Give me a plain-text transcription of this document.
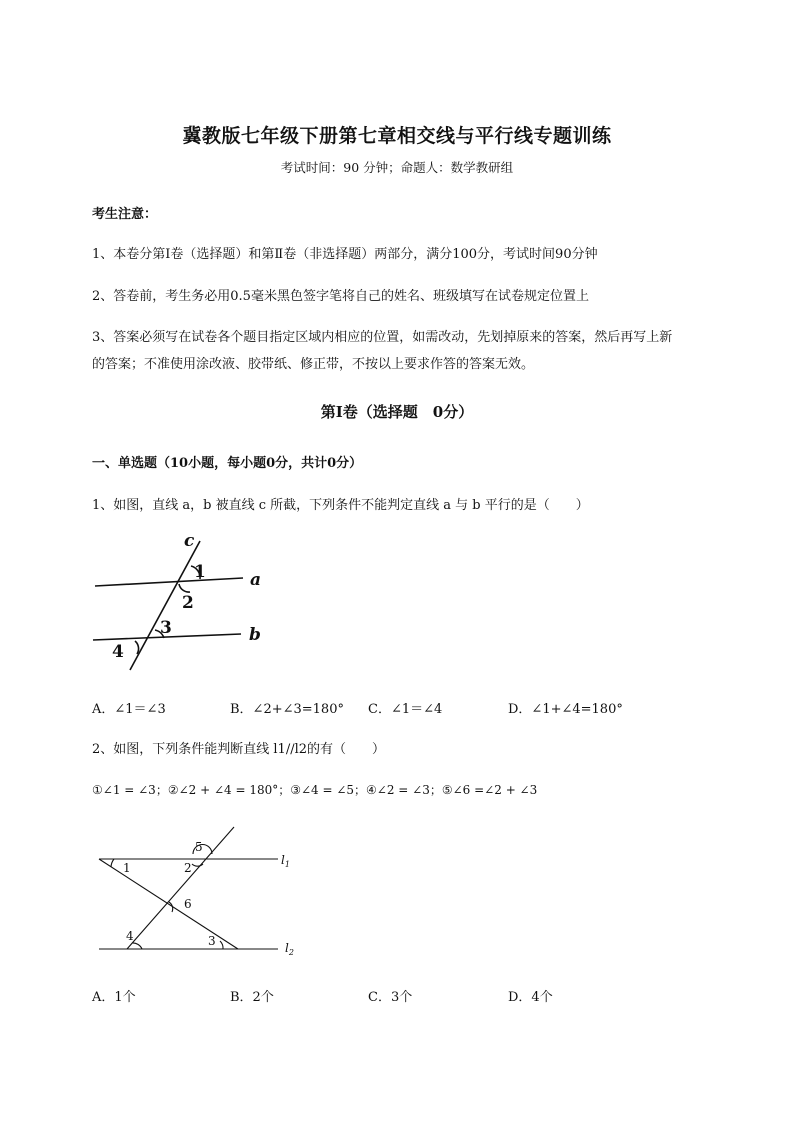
冀教版七年级下册第七章相交线与平行线专题训练
考试时间：90 分钟；命题人：数学教研组
考生注意：
1、本卷分第Ⅰ卷（选择题）和第Ⅱ卷（非选择题）两部分，满分100分，考试时间90分钟
2、答卷前，考生务必用0.5毫米黑色签字笔将自己的姓名、班级填写在试卷规定位置上
3、答案必须写在试卷各个题目指定区域内相应的位置，如需改动，先划掉原来的答案，然后再写上新
的答案；不准使用涂改液、胶带纸、修正带，不按以上要求作答的答案无效。
第Ⅰ卷（选择题　0分）
一、单选题（10小题，每小题0分，共计0分）
1、如图，直线 a，b 被直线 c 所截，下列条件不能判定直线 a 与 b 平行的是（　　）
c
1	a
2
3	b
4
A．∠1＝∠3	B．∠2+∠3=180° C．∠1＝∠4	D．∠1+∠4=180°
2、如图，下列条件能判断直线 l1//l2的有（　　）
①∠1 = ∠3；②∠2 + ∠4 = 180°；③∠4 = ∠5；④∠2 = ∠3；⑤∠6 =∠2 + ∠3
5
1	2
$l_1$
6
4	3	$l_2$
A．1个	B．2个	C．3个	D．4个
